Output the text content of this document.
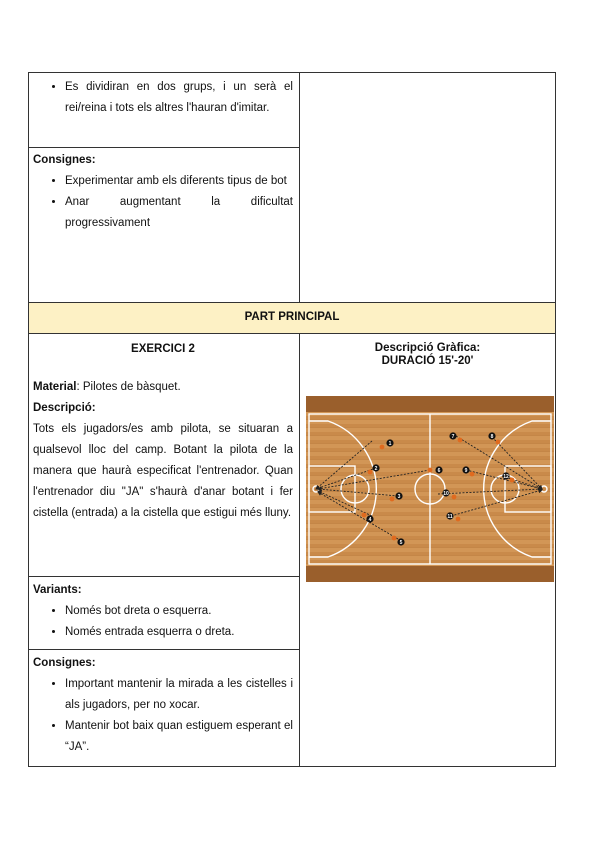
• Es dividiran en dos grups, i un serà el rei/reina i tots els altres l'hauran d'imitar.
Consignes:
• Experimentar amb els diferents tipus de bot
• Anar augmentant la dificultat progressivament
PART PRINCIPAL
EXERCICI 2
Material: Pilotes de bàsquet.
Descripció:
Tots els jugadors/es amb pilota, se situaran a qualsevol lloc del camp. Botant la pilota de la manera que haurà especificat l'entrenador. Quan l'entrenador diu "JA" s'haurà d'anar botant i fer cistella (entrada) a la cistella que estigui més lluny.
Descripció Gràfica:
DURACIÓ 15'-20'
1
2
3
4
5
6
7	8
9
10
11
12
Variants:
• Només bot dreta o esquerra.
• Només entrada esquerra o dreta.
Consignes:
• Important mantenir la mirada a les cistelles i als jugadors, per no xocar.
• Mantenir bot baix quan estiguem esperant el “JA”.
